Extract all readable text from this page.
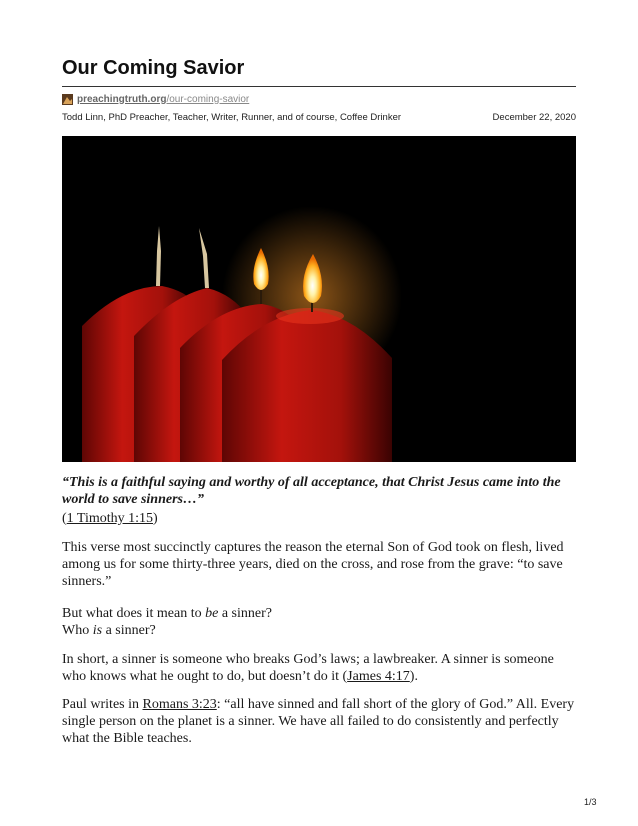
Our Coming Savior
preachingtruth.org /our-coming-savior
Todd Linn, PhD Preacher, Teacher, Writer, Runner, and of course, Coffee Drinker	December 22, 2020

“This is a faithful saying and worthy of all acceptance, that Christ Jesus came into the world to save sinners…”

(1 Timothy 1:15)

This verse most succinctly captures the reason the eternal Son of God took on flesh, lived among us for some thirty-three years, died on the cross, and rose from the grave: “to save sinners.”

But what does it mean to be a sinner?
Who is a sinner?

In short, a sinner is someone who breaks God’s laws; a lawbreaker. A sinner is someone who knows what he ought to do, but doesn’t do it (James 4:17).

Paul writes in Romans 3:23: “all have sinned and fall short of the glory of God.” All. Every single person on the planet is a sinner. We have all failed to do consistently and perfectly what the Bible teaches.

1/3
